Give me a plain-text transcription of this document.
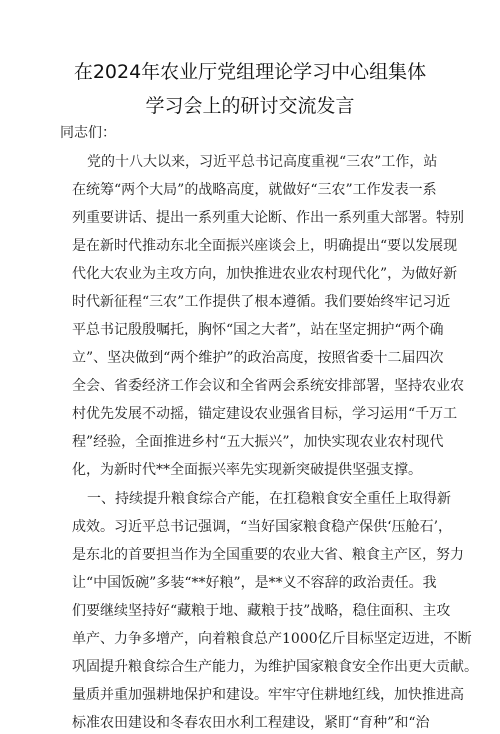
在2024年农业厅党组理论学习中心组集体
学习会上的研讨交流发言
同志们：
党的十八大以来，习近平总书记高度重视“三农”工作，站
在统筹“两个大局”的战略高度，就做好“三农”工作发表一系
列重要讲话、提出一系列重大论断、作出一系列重大部署。特别
是在新时代推动东北全面振兴座谈会上，明确提出“要以发展现
代化大农业为主攻方向，加快推进农业农村现代化”，为做好新
时代新征程“三农”工作提供了根本遵循。我们要始终牢记习近
平总书记殷殷嘱托，胸怀“国之大者”，站在坚定拥护“两个确
立”、坚决做到“两个维护”的政治高度，按照省委十二届四次
全会、省委经济工作会议和全省两会系统安排部署，坚持农业农
村优先发展不动摇，锚定建设农业强省目标，学习运用“千万工
程”经验，全面推进乡村“五大振兴”，加快实现农业农村现代
化，为新时代**全面振兴率先实现新突破提供坚强支撑。
一、持续提升粮食综合产能，在扛稳粮食安全重任上取得新
成效。习近平总书记强调，“当好国家粮食稳产保供‘压舱石’，
是东北的首要担当作为全国重要的农业大省、粮食主产区，努力
让“中国饭碗”多装“**好粮”，是**义不容辞的政治责任。我
们要继续坚持好“藏粮于地、藏粮于技”战略，稳住面积、主攻
单产、力争多增产，向着粮食总产1000亿斤目标坚定迈进，不断
巩固提升粮食综合生产能力，为维护国家粮食安全作出更大贡献。
量质并重加强耕地保护和建设。牢牢守住耕地红线，加快推进高
标准农田建设和冬春农田水利工程建设，紧盯“育种”和“治
